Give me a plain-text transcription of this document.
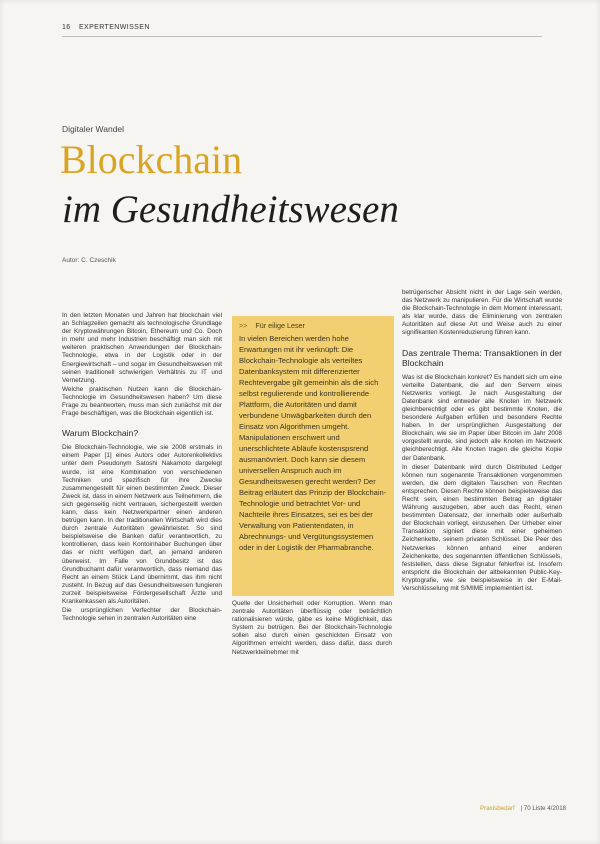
16 EXPERTENWISSEN
Digitaler Wandel
Blockchain
im Gesundheitswesen
Autor: C. Czeschik

In den letzten Monaten und Jahren hat blockchain viel an Schlagzeilen gemacht als technologische Grundlage der Kryptowährungen Bitcoin, Ethereum und Co. Doch in mehr und mehr Industrien beschäftigt man sich mit weiteren praktischen Anwendungen der Blockchain-Technologie, etwa in der Logistik oder in der Energiewirtschaft – und sogar im Gesundheitswesen mit seinen traditionell schwierigen Verhältnis zu IT und Vernetzung.

Welche praktischen Nutzen kann die Blockchain-Technologie im Gesundheitswesen haben? Um diese Frage zu beantworten, muss man sich zunächst mit der Frage beschäftigen, was die Blockchain eigentlich ist.

Warum Blockchain?

Die Blockchain-Technologie, wie sie 2008 erstmals in einem Paper [1] eines Autors oder Autorenkollektivs unter dem Pseudonym Satoshi Nakamoto dargelegt wurde, ist eine Kombination von verschiedenen Techniken und spezifisch für ihre Zwecke zusammengestellt für einen bestimmten Zweck. Dieser Zweck ist, dass in einem Netzwerk aus Teilnehmern, die sich gegenseitig nicht vertrauen, sichergestellt werden kann, dass kein Netzwerkpartner einen anderen betrügen kann. In der traditionellen Wirtschaft wird dies durch zentrale Autoritäten gewährleistet. So sind beispielsweise die Banken dafür verantwortlich, zu kontrollieren, dass kein Kontoinhaber Buchungen über das er nicht verfügen darf, an jemand anderen überweist. Im Falle von Grundbesitz ist das Grundbuchamt dafür verantwortlich, dass niemand das Recht an einem Stück Land übernimmt, das ihm nicht zusteht. In Bezug auf das Gesundheitswesen fungieren zurzeit beispielsweise Fördergesellschaft Ärzte und Krankenkassen als Autoritäten.

Die ursprünglichen Verfechter der Blockchain-Technologie sehen in zentralen Autoritäten eine

>> Für eilige Leser
In vielen Bereichen werden hohe Erwartungen mit ihr verknüpft: Die Blockchain-Technologie als verteiltes Datenbanksystem mit differenzierter Rechtevergabe gilt gemeinhin als die sich selbst regulierende und kontrollierende Plattform, die Autoritäten und damit verbundene Unwägbarkeiten durch den Einsatz von Algorithmen umgeht. Manipulationen erschwert und unerschlichtete Abläufe kostenspsrend ausmanövriert. Doch kann sie diesem universellen Anspruch auch im Gesundheitswesen gerecht werden? Der Beitrag erläutert das Prinzip der Blockchain-Technologie und betrachtet Vor- und Nachteile ihres Einsatzes, sei es bei der Verwaltung von Patientendaten, in Abrechnungs- und Vergütungssystemen oder in der Logistik der Pharmabranche.

Quelle der Unsicherheit oder Korruption. Wenn man zentrale Autoritäten überflüssig oder beträchtlich rationalisieren würde, gäbe es keine Möglichkeit, das System zu betrügen. Bei der Blockchain-Technologie sollen also durch einen geschickten Einsatz von Algorithmen erreicht werden, dass dafür, dass durch Netzwerkteilnehmer mit

betrügerischer Absicht nicht in der Lage sein werden, das Netzwerk zu manipulieren. Für die Wirtschaft wurde die Blockchain-Technologie in dem Moment interessant, als klar wurde, dass die Eliminierung von zentralen Autoritäten auf diese Art und Weise auch zu einer signifikanten Kostenreduzierung führen kann.

Das zentrale Thema: Transaktionen in der Blockchain

Was ist die Blockchain konkret? Es handelt sich um eine verteilte Datenbank, die auf den Servern eines Netzwerks vorliegt. Je nach Ausgestaltung der Datenbank sind entweder alle Knoten im Netzwerk gleichberechtigt oder es gibt bestimmte Knoten, die besondere Aufgaben erfüllen und besondere Rechte haben. In der ursprünglichen Ausgestaltung der Blockchain, wie sie im Paper über Bitcoin im Jahr 2008 vorgestellt wurde, sind jedoch alle Knoten im Netzwerk gleichberechtigt. Alle Knoten tragen die gleiche Kopie der Datenbank.

In dieser Datenbank wird durch Distributed Ledger können nun sogenannte Transaktionen vorgenommen werden, die dem digitalen Tauschen von Rechten entsprechen. Diesen Rechte können beispielsweise das Recht sein, einen bestimmten Betrag an digitaler Währung auszugeben, aber auch das Recht, einen bestimmten Datensatz, der innerhalb oder außerhalb der Blockchain vorliegt, einzusehen. Der Urheber einer Transaktion signiert diese mit einer geheimen Zeichenkette, seinem privaten Schlüssel. Die Peer des Netzwerkes können anhand einer anderen Zeichenkette, des sogenannten öffentlichen Schlüssels, feststellen, dass diese Signatur fehlerfrei ist. Insofern entspricht die Blockchain der altbekannten Public-Key-Kryptografie, wie sie beispielsweise in der E-Mail-Verschlüsselung mit S/MIME implementiert ist.

Praxisbedarf | 70 Liste 4/2018
